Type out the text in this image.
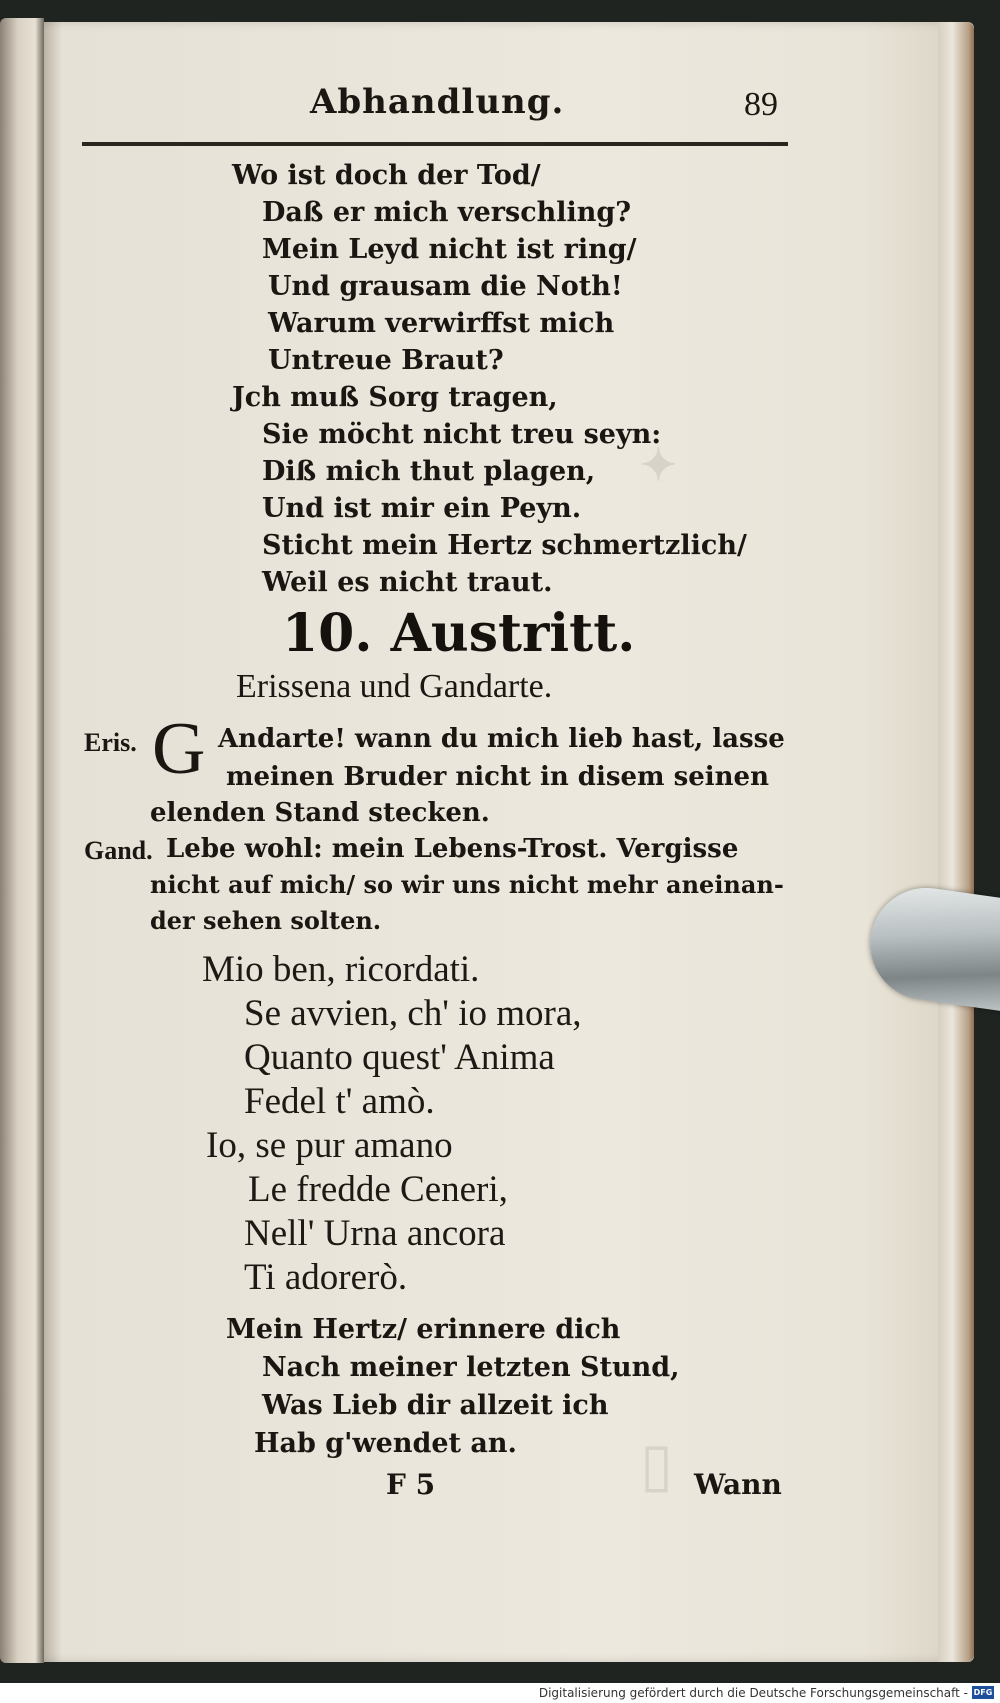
✦
▯
Abhandlung.	89
Wo ist doch der Tod/
Daß er mich verschling?
Mein Leyd nicht ist ring/
Und grausam die Noth!
Warum verwirffst mich
Untreue Braut?
Jch muß Sorg tragen,
Sie möcht nicht treu seyn:
Diß mich thut plagen,
Und ist mir ein Peyn.
Sticht mein Hertz schmertzlich/
Weil es nicht traut.
10. Austritt.
Erissena und Gandarte.
Eris. G Andarte! wann du mich lieb hast, lasse
meinen Bruder nicht in disem seinen
elenden Stand stecken.
Gand. Lebe wohl: mein Lebens-Trost. Vergisse
nicht auf mich/ so wir uns nicht mehr aneinan-
der sehen solten.
Mio ben, ricordati.
Se avvien, ch' io mora,
Quanto quest' Anima
Fedel t' amò.
Io, se pur amano
Le fredde Ceneri,
Nell' Urna ancora
Ti adorerò.
Mein Hertz/ erinnere dich
Nach meiner letzten Stund,
Was Lieb dir allzeit ich
Hab g'wendet an.
F 5	Wann
Digitalisierung gefördert durch die Deutsche Forschungsgemeinschaft - DFG
